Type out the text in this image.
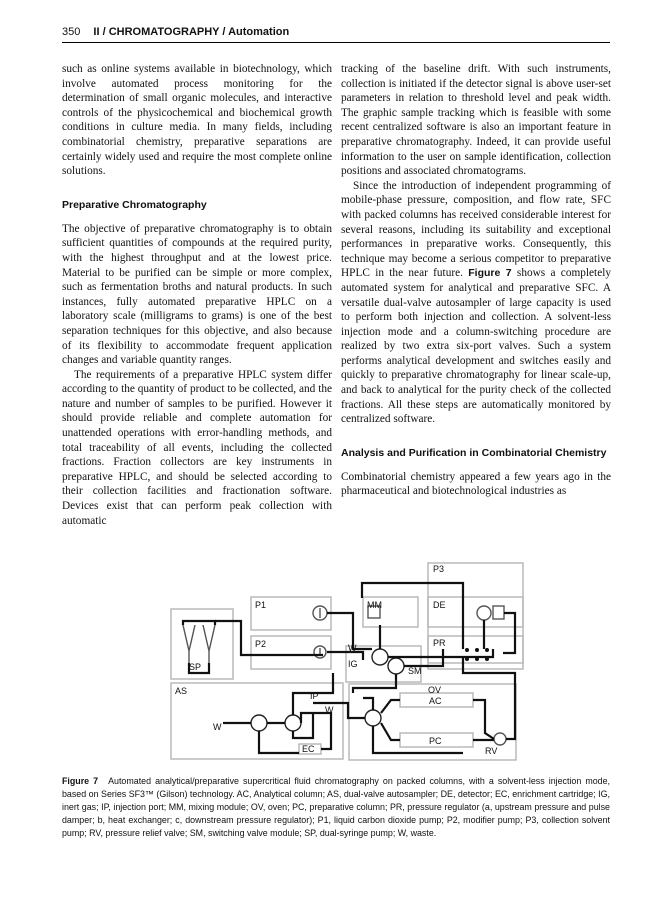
350 II / CHROMATOGRAPHY / Automation

such as online systems available in biotechnology, which involve automated process monitoring for the determination of small organic molecules, and interactive controls of the physicochemical and biochemical growth conditions in culture media. In many fields, including combinatorial chemistry, preparative separations are certainly widely used and require the most complete online solutions.

Preparative Chromatography

The objective of preparative chromatography is to obtain sufficient quantities of compounds at the required purity, with the highest throughput and at the lowest price. Material to be purified can be simple or more complex, such as fermentation broths and natural products. In such instances, fully automated preparative HPLC on a laboratory scale (milligrams to grams) is one of the best separation techniques for this objective, and also because of its flexibility to accommodate frequent application changes and variable quantity ranges.

The requirements of a preparative HPLC system differ according to the quantity of product to be collected, and the nature and number of samples to be purified. However it should provide reliable and complete automation for unattended operations with error-handling methods, and total traceability of all events, including the collected fractions. Fraction collectors are key instruments in preparative HPLC, and should be selected according to their collection facilities and fractionation software. Devices exist that can perform peak collection with automatic

tracking of the baseline drift. With such instruments, collection is initiated if the detector signal is above user-set parameters in relation to threshold level and peak width. The graphic sample tracking which is feasible with some recent centralized software is also an important feature in preparative chromatography. Indeed, it can provide useful information to the user on sample identification, collection positions and associated chromatograms.

Since the introduction of independent programming of mobile-phase pressure, composition, and flow rate, SFC with packed columns has received considerable interest for several reasons, including its suitability and exceptional performances in preparative works. Consequently, this technique may become a serious competitor to preparative HPLC in the near future. Figure 7 shows a completely automated system for analytical and preparative SFC. A versatile dual-valve autosampler of large capacity is used to perform both injection and collection. A solvent-less injection mode and a column-switching procedure are realized by two extra six-port valves. Such a system performs analytical development and switches easily and quickly to preparative chromatography for linear scale-up, and back to analytical for the purity check of the collected fractions. All these steps are automatically monitored by centralized software.

Analysis and Purification in Combinatorial Chemistry

Combinatorial chemistry appeared a few years ago in the pharmaceutical and biotechnological industries as

P3
P1	MM	DE
P2	PR
W
IG
SM
SP
AS	IP
OV
AC
W
W
PC
EC	RV
Figure 7 Automated analytical/preparative supercritical fluid chromatography on packed columns, with a solvent-less injection mode, based on Series SF3™ (Gilson) technology. AC, Analytical column; AS, dual-valve autosampler; DE, detector; EC, enrichment cartridge; IG, inert gas; IP, injection port; MM, mixing module; OV, oven; PC, preparative column; PR, pressure regulator (a, upstream pressure and pulse damper; b, heat exchanger; c, downstream pressure regulator); P1, liquid carbon dioxide pump; P2, modifier pump; P3, collection solvent pump; RV, pressure relief valve; SM, switching valve module; SP, dual-syringe pump; W, waste.
